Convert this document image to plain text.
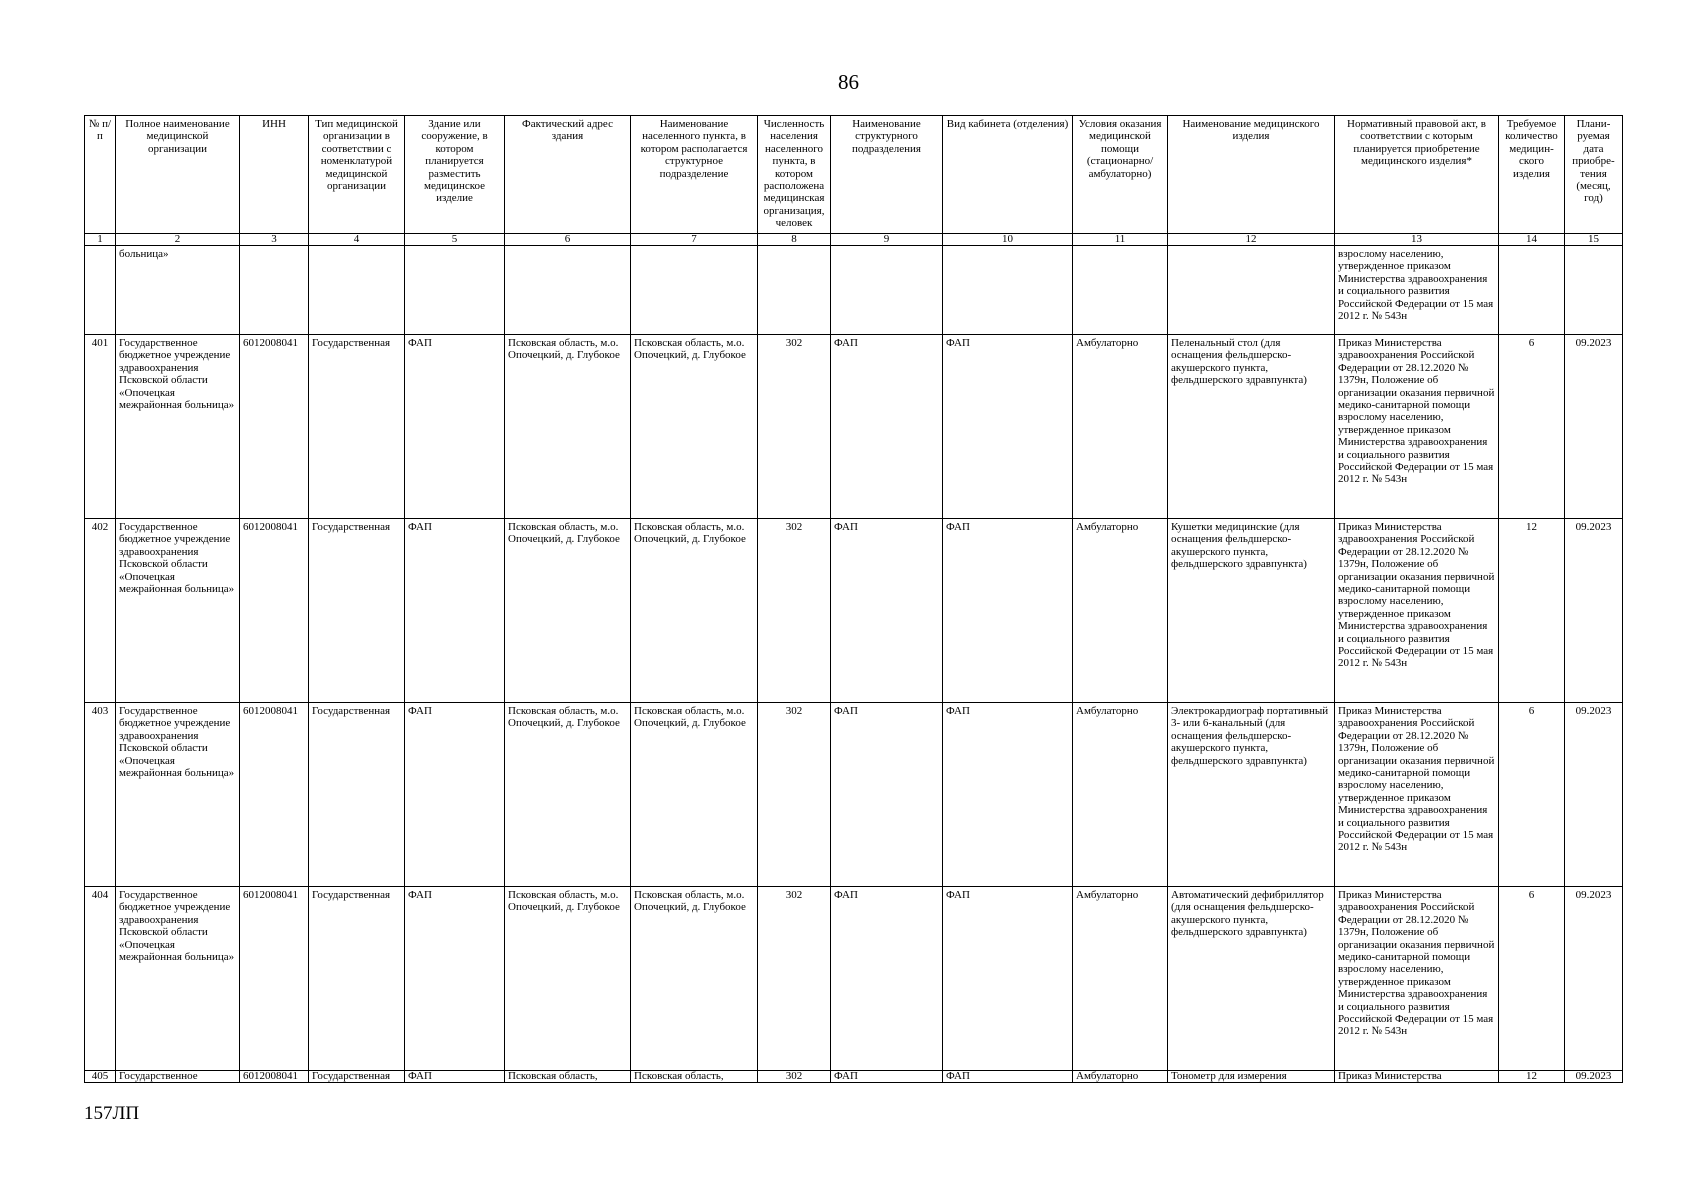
86
№ п/п	Полное наименование медицинской организации	ИНН	Тип медицинской организации в соответствии с номенклатурой медицинской организации	Здание или сооружение, в котором планируется разместить медицинское изделие	Фактический адрес здания	Наименование населенного пункта, в котором располагается структурное подразделение	Численность населения населенного пункта, в котором расположена медицинская организация, человек	Наименование структурного подразделения	Вид кабинета (отделения)	Условия оказания медицинской помощи (стационарно/ амбулаторно)	Наименование медицинского изделия	Нормативный правовой акт, в соответствии с которым планируется приобретение медицинского изделия*	Требуемое количество медицин-ского изделия	Плани-руемая дата приобре-тения (месяц, год)
1	2	3	4	5	6	7	8	9	10	11	12	13	14	15
	больница»											взрослому населению, утвержденное приказом Министерства здравоохранения и социального развития Российской Федерации от 15 мая 2012 г. № 543н		
401	Государственное бюджетное учреждение здравоохранения Псковской области «Опочецкая межрайонная больница»	6012008041	Государственная	ФАП	Псковская область, м.о. Опочецкий, д. Глубокое	Псковская область, м.о. Опочецкий, д. Глубокое	302	ФАП	ФАП	Амбулаторно	Пеленальный стол (для оснащения фельдшерско-акушерского пункта, фельдшерского здравпункта)	Приказ Министерства здравоохранения Российской Федерации от 28.12.2020 № 1379н, Положение об организации оказания первичной медико-санитарной помощи взрослому населению, утвержденное приказом Министерства здравоохранения и социального развития Российской Федерации от 15 мая 2012 г. № 543н	6	09.2023
402	Государственное бюджетное учреждение здравоохранения Псковской области «Опочецкая межрайонная больница»	6012008041	Государственная	ФАП	Псковская область, м.о. Опочецкий, д. Глубокое	Псковская область, м.о. Опочецкий, д. Глубокое	302	ФАП	ФАП	Амбулаторно	Кушетки медицинские (для оснащения фельдшерско-акушерского пункта, фельдшерского здравпункта)	Приказ Министерства здравоохранения Российской Федерации от 28.12.2020 № 1379н, Положение об организации оказания первичной медико-санитарной помощи взрослому населению, утвержденное приказом Министерства здравоохранения и социального развития Российской Федерации от 15 мая 2012 г. № 543н	12	09.2023
403	Государственное бюджетное учреждение здравоохранения Псковской области «Опочецкая межрайонная больница»	6012008041	Государственная	ФАП	Псковская область, м.о. Опочецкий, д. Глубокое	Псковская область, м.о. Опочецкий, д. Глубокое	302	ФАП	ФАП	Амбулаторно	Электрокардиограф портативный 3- или 6-канальный (для оснащения фельдшерско-акушерского пункта, фельдшерского здравпункта)	Приказ Министерства здравоохранения Российской Федерации от 28.12.2020 № 1379н, Положение об организации оказания первичной медико-санитарной помощи взрослому населению, утвержденное приказом Министерства здравоохранения и социального развития Российской Федерации от 15 мая 2012 г. № 543н	6	09.2023
404	Государственное бюджетное учреждение здравоохранения Псковской области «Опочецкая межрайонная больница»	6012008041	Государственная	ФАП	Псковская область, м.о. Опочецкий, д. Глубокое	Псковская область, м.о. Опочецкий, д. Глубокое	302	ФАП	ФАП	Амбулаторно	Автоматический дефибриллятор (для оснащения фельдшерско-акушерского пункта, фельдшерского здравпункта)	Приказ Министерства здравоохранения Российской Федерации от 28.12.2020 № 1379н, Положение об организации оказания первичной медико-санитарной помощи взрослому населению, утвержденное приказом Министерства здравоохранения и социального развития Российской Федерации от 15 мая 2012 г. № 543н	6	09.2023
405	Государственное	6012008041	Государственная	ФАП	Псковская область,	Псковская область,	302	ФАП	ФАП	Амбулаторно	Тонометр для измерения	Приказ Министерства	12	09.2023
157ЛП
